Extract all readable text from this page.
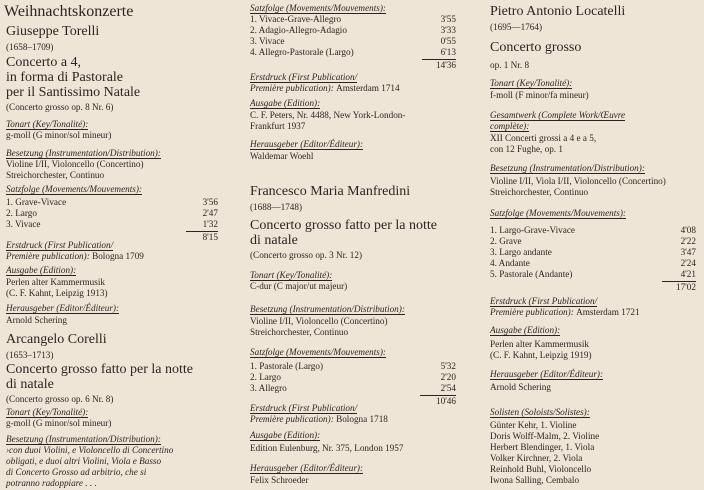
Weihnachtskonzerte
Giuseppe Torelli
(1658–1709)
Concerto a 4,
in forma di Pastorale
per il Santissimo Natale
(Concerto grosso op. 8 Nr. 6)
Tonart (Key/Tonalité):
g-moll (G minor/sol mineur)
Besetzung (Instrumentation/Distribution):
Violine I/II, Violoncello (Concertino)
Streichorchester, Continuo
Satzfolge (Movements/Mouvements):
1. Grave-Vivace	3'56
2. Largo	2'47
3. Vivace	1'32
8'15
Erstdruck (First Publication/
Première publication): Bologna 1709
Ausgabe (Edition):
Perlen alter Kammermusik
(C. F. Kahnt, Leipzig 1913)
Herausgeber (Editor/Éditeur):
Arnold Schering
Arcangelo Corelli
(1653–1713)
Concerto grosso fatto per la notte
di natale
(Concerto grosso op. 6 Nr. 8)
Tonart (Key/Tonalité):
g-moll (G minor/sol mineur)
Besetzung (Instrumentation/Distribution):
›con duoi Violini, e Violoncello di Concertino
obligati, e duoi altri Violini, Viola e Basso
di Concerto Grosso ad arbitrio, che si
potranno radoppiare . . .
Satzfolge (Movements/Mouvements):
1. Vivace-Grave-Allegro	3'55
2. Adagio-Allegro-Adagio	3'33
3. Vivace	0'55
4. Allegro-Pastorale (Largo)	6'13
14'36
Erstdruck (First Publication/
Première publication): Amsterdam 1714
Ausgabe (Edition):
C. F. Peters, Nr. 4488, New York-London-
Frankfurt 1937
Herausgeber (Editor/Éditeur):
Waldemar Woehl
Francesco Maria Manfredini
(1688—1748)
Concerto grosso fatto per la notte
di natale
(Concerto grosso op. 3 Nr. 12)
Tonart (Key/Tonalité):
C-dur (C major/ut majeur)
Besetzung (Instrumentation/Distribution):
Violine I/II, Violoncello (Concertino)
Streichorchester, Continuo
Satzfolge (Movements/Mouvements):
1. Pastorale (Largo)	5'32
2. Largo	2'20
3. Allegro	2'54
10'46
Erstdruck (First Publication/
Première publication): Bologna 1718
Ausgabe (Edition):
Edition Eulenburg, Nr. 375, London 1957
Herausgeber (Editor/Éditeur):
Felix Schroeder
Pietro Antonio Locatelli
(1695—1764)
Concerto grosso
op. 1 Nr. 8
Tonart (Key/Tonalité):
f-moll (F minor/fa mineur)
Gesamtwerk (Complete Work/Œuvre
complète):
XII Concerti grossi a 4 e a 5,
con 12 Fughe, op. 1
Besetzung (Instrumentation/Distribution):
Violine I/II, Viola I/II, Violoncello (Concertino)
Streichorchester, Continuo
Satzfolge (Movements/Mouvements):
1. Largo-Grave-Vivace	4'08
2. Grave	2'22
3. Largo andante	3'47
4. Andante	2'24
5. Pastorale (Andante)	4'21
17'02
Erstdruck (First Publication/
Première publication): Amsterdam 1721
Ausgabe (Edition):
Perlen alter Kammermusik
(C. F. Kahnt, Leipzig 1919)
Herausgeber (Editor/Éditeur):
Arnold Schering
Solisten (Soloists/Solistes):
Günter Kehr, 1. Violine
Doris Wolff-Malm, 2. Violine
Herbert Blendinger, 1. Viola
Volker Kirchner, 2. Viola
Reinhold Buhl, Violoncello
Iwona Salling, Cembalo
